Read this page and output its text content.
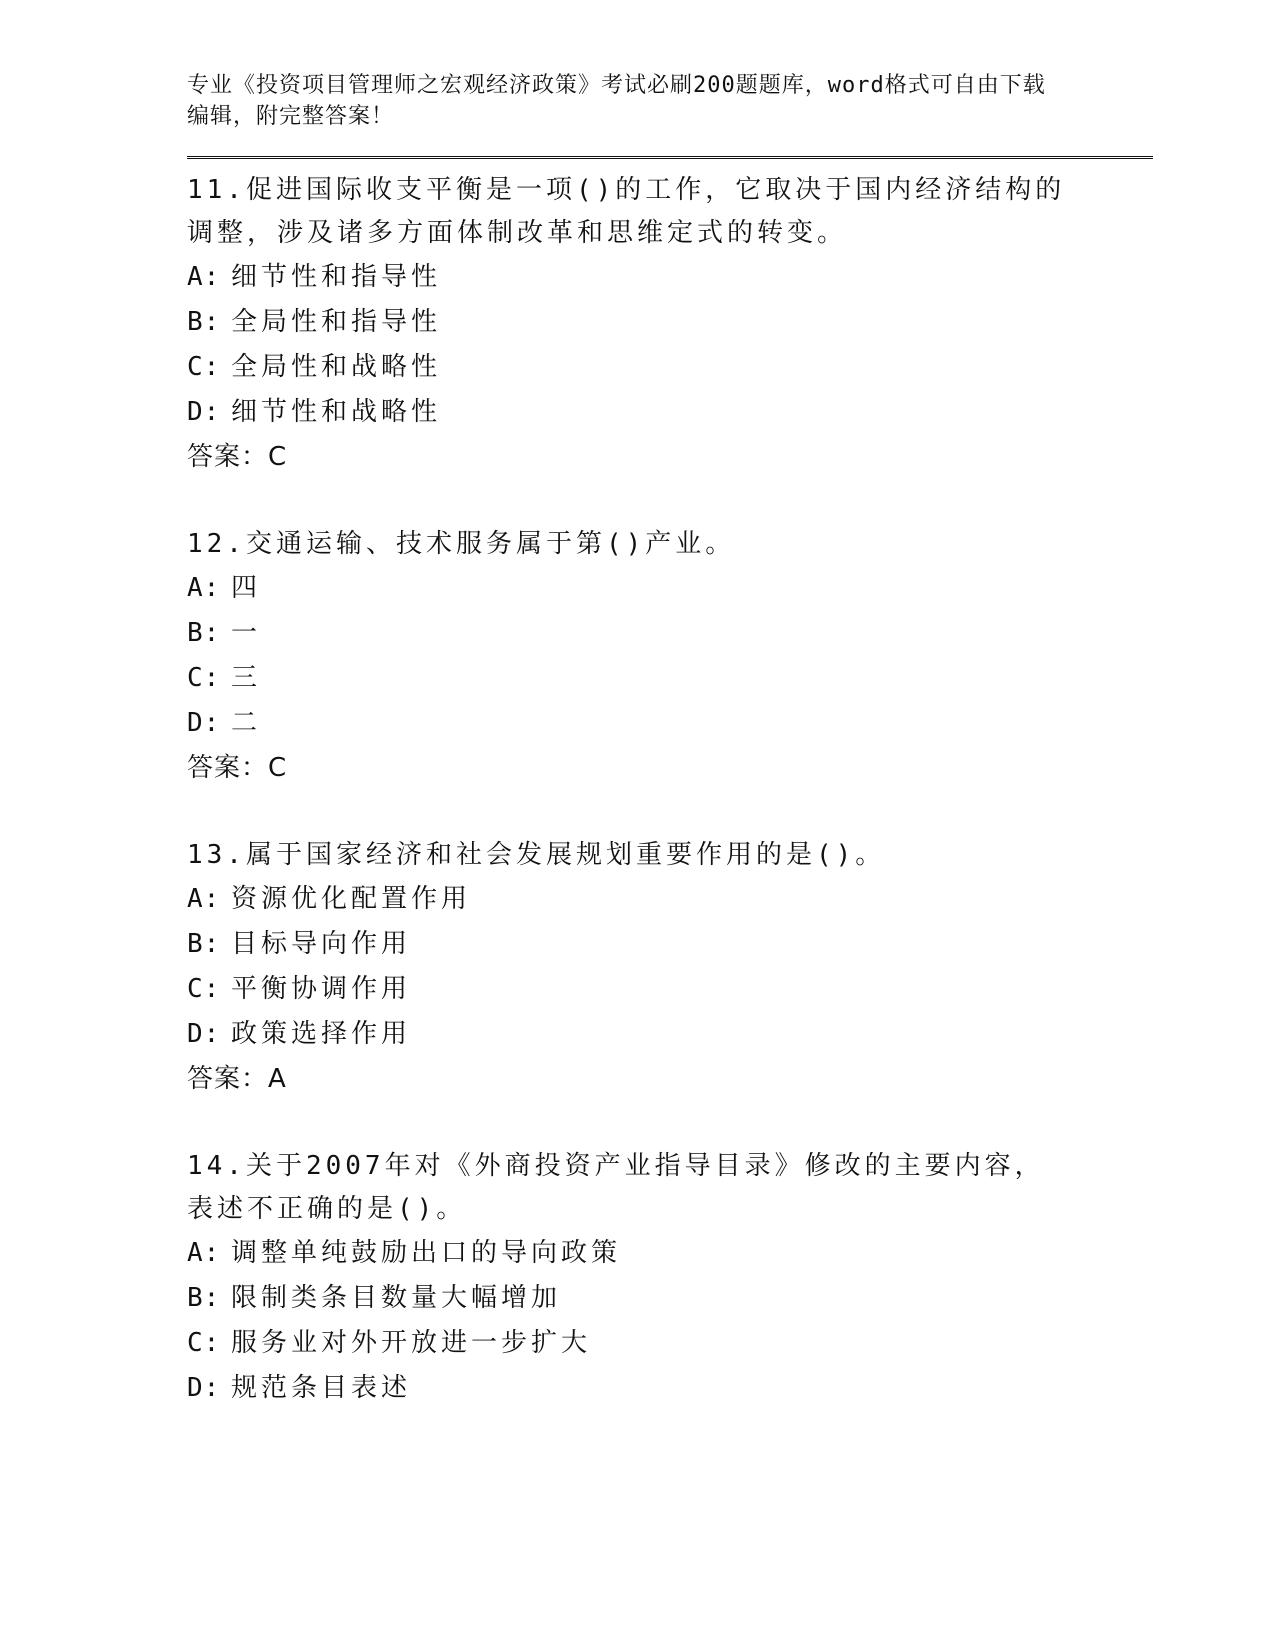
专业《投资项目管理师之宏观经济政策》考试必刷200题题库，word格式可自由下载编辑，附完整答案！
11.促进国际收支平衡是一项()的工作，它取决于国内经济结构的调整，涉及诸多方面体制改革和思维定式的转变。
A: 细节性和指导性
B: 全局性和指导性
C: 全局性和战略性
D: 细节性和战略性
答案：C
12.交通运输、技术服务属于第()产业。
A: 四
B: 一
C: 三
D: 二
答案：C
13.属于国家经济和社会发展规划重要作用的是()。
A: 资源优化配置作用
B: 目标导向作用
C: 平衡协调作用
D: 政策选择作用
答案：A
14.关于2007年对《外商投资产业指导目录》修改的主要内容，表述不正确的是()。
A: 调整单纯鼓励出口的导向政策
B: 限制类条目数量大幅增加
C: 服务业对外开放进一步扩大
D: 规范条目表述
